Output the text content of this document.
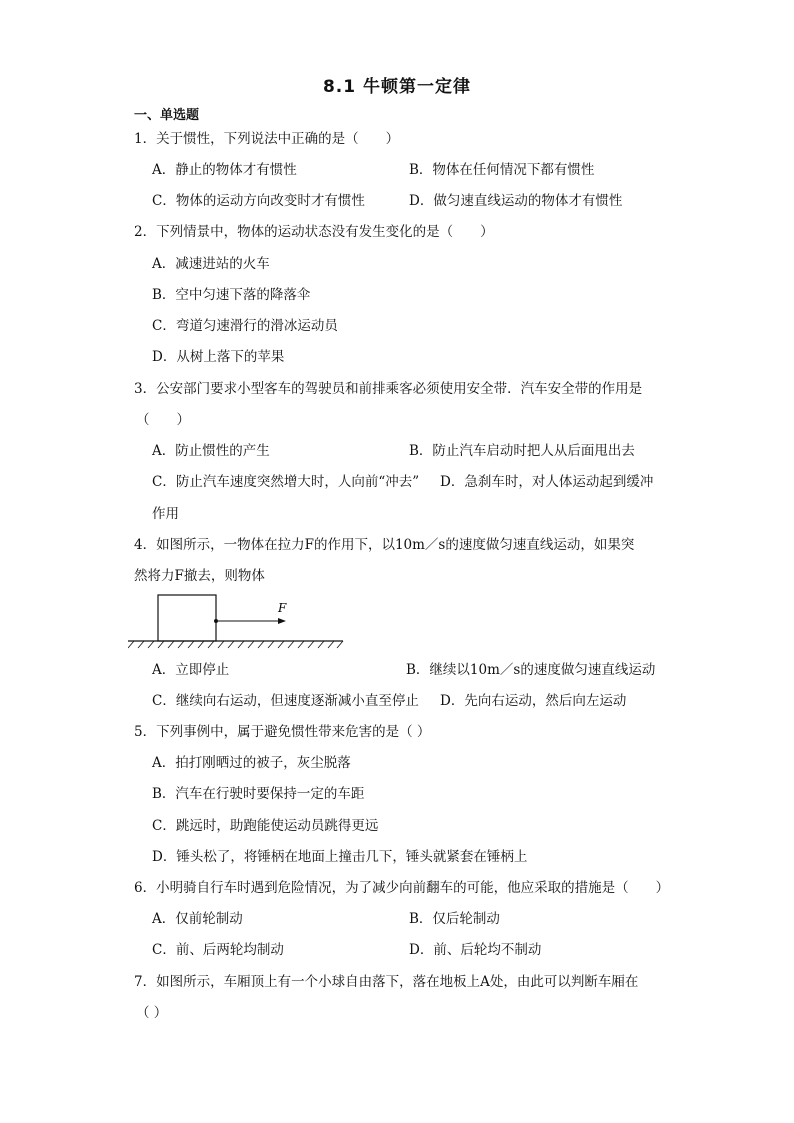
8.1 牛顿第一定律
一、单选题
1．关于惯性，下列说法中正确的是（　　）
A．静止的物体才有惯性	B．物体在任何情况下都有惯性
C．物体的运动方向改变时才有惯性	D．做匀速直线运动的物体才有惯性
2．下列情景中，物体的运动状态没有发生变化的是（　　）
A．减速进站的火车
B．空中匀速下落的降落伞
C．弯道匀速滑行的滑冰运动员
D．从树上落下的苹果
3．公安部门要求小型客车的驾驶员和前排乘客必须使用安全带．汽车安全带的作用是
（　　）
A．防止惯性的产生	B．防止汽车启动时把人从后面甩出去
C．防止汽车速度突然增大时，人向前“冲去” D．急刹车时，对人体运动起到缓冲
作用
4．如图所示，一物体在拉力F的作用下，以10m／s的速度做匀速直线运动，如果突
然将力F撤去，则物体
F
A．立即停止	B．继续以10m／s的速度做匀速直线运动
C．继续向右运动，但速度逐渐减小直至停止 D．先向右运动，然后向左运动
5．下列事例中，属于避免惯性带来危害的是（ ）
A．拍打刚晒过的被子，灰尘脱落
B．汽车在行驶时要保持一定的车距
C．跳远时，助跑能使运动员跳得更远
D．锤头松了，将锤柄在地面上撞击几下，锤头就紧套在锤柄上
6．小明骑自行车时遇到危险情况，为了减少向前翻车的可能，他应采取的措施是（　　）
A．仅前轮制动	B．仅后轮制动
C．前、后两轮均制动	D．前、后轮均不制动
7．如图所示，车厢顶上有一个小球自由落下，落在地板上A处，由此可以判断车厢在
（ ）
